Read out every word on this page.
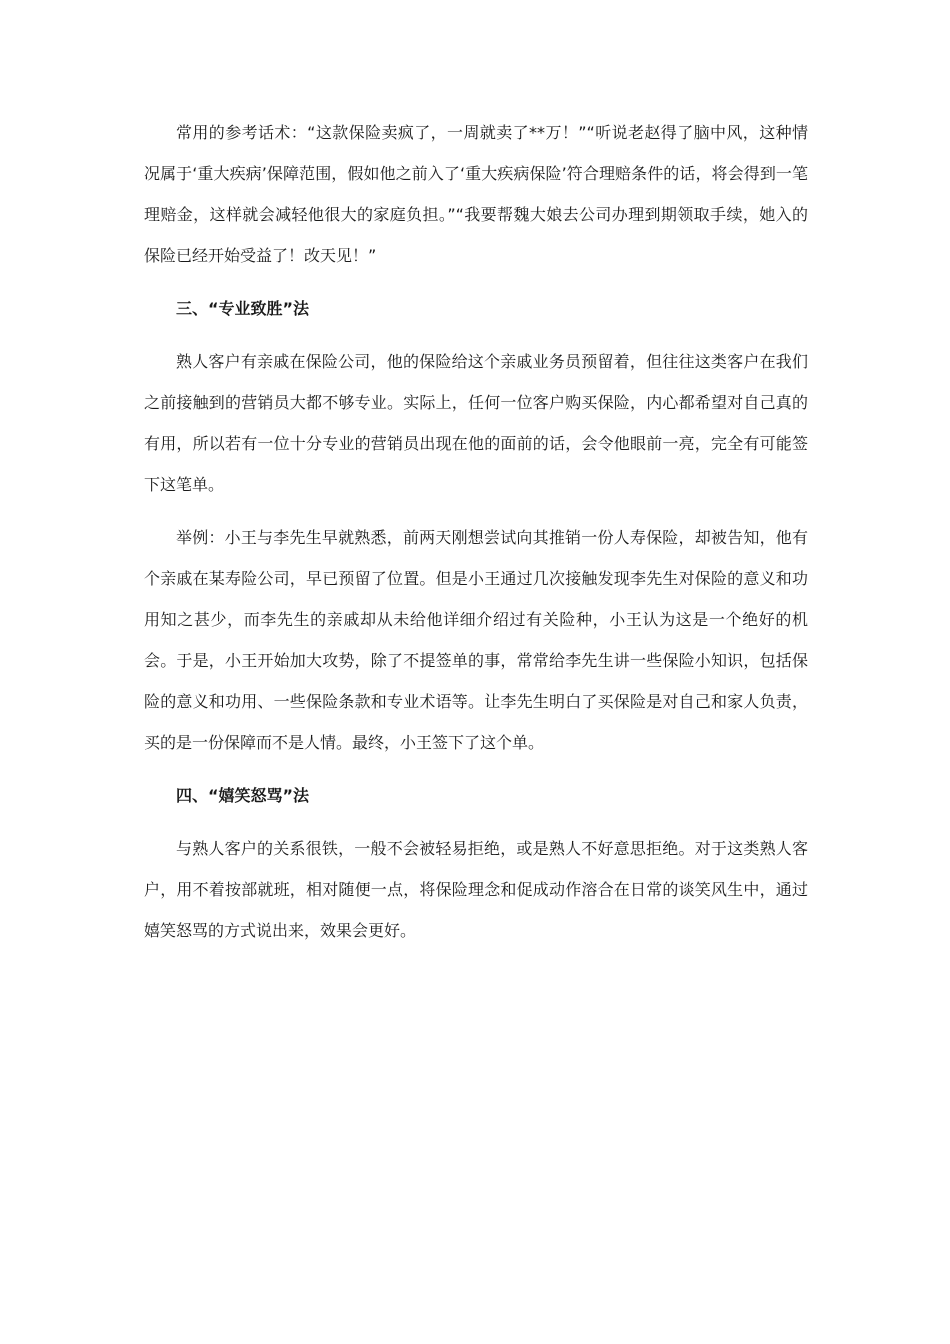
常用的参考话术：“这款保险卖疯了，一周就卖了**万！”“听说老赵得了脑中风，这种情况属于‘重大疾病’保障范围，假如他之前入了‘重大疾病保险’符合理赔条件的话，将会得到一笔理赔金，这样就会减轻他很大的家庭负担。”“我要帮魏大娘去公司办理到期领取手续，她入的保险已经开始受益了！改天见！”

三、“专业致胜”法

熟人客户有亲戚在保险公司，他的保险给这个亲戚业务员预留着，但往往这类客户在我们之前接触到的营销员大都不够专业。实际上，任何一位客户购买保险，内心都希望对自己真的有用，所以若有一位十分专业的营销员出现在他的面前的话，会令他眼前一亮，完全有可能签下这笔单。

举例：小王与李先生早就熟悉，前两天刚想尝试向其推销一份人寿保险，却被告知，他有个亲戚在某寿险公司，早已预留了位置。但是小王通过几次接触发现李先生对保险的意义和功用知之甚少，而李先生的亲戚却从未给他详细介绍过有关险种，小王认为这是一个绝好的机会。于是，小王开始加大攻势，除了不提签单的事，常常给李先生讲一些保险小知识，包括保险的意义和功用、一些保险条款和专业术语等。让李先生明白了买保险是对自己和家人负责，买的是一份保障而不是人情。最终，小王签下了这个单。

四、“嬉笑怒骂”法

与熟人客户的关系很铁，一般不会被轻易拒绝，或是熟人不好意思拒绝。对于这类熟人客户，用不着按部就班，相对随便一点，将保险理念和促成动作溶合在日常的谈笑风生中，通过嬉笑怒骂的方式说出来，效果会更好。
